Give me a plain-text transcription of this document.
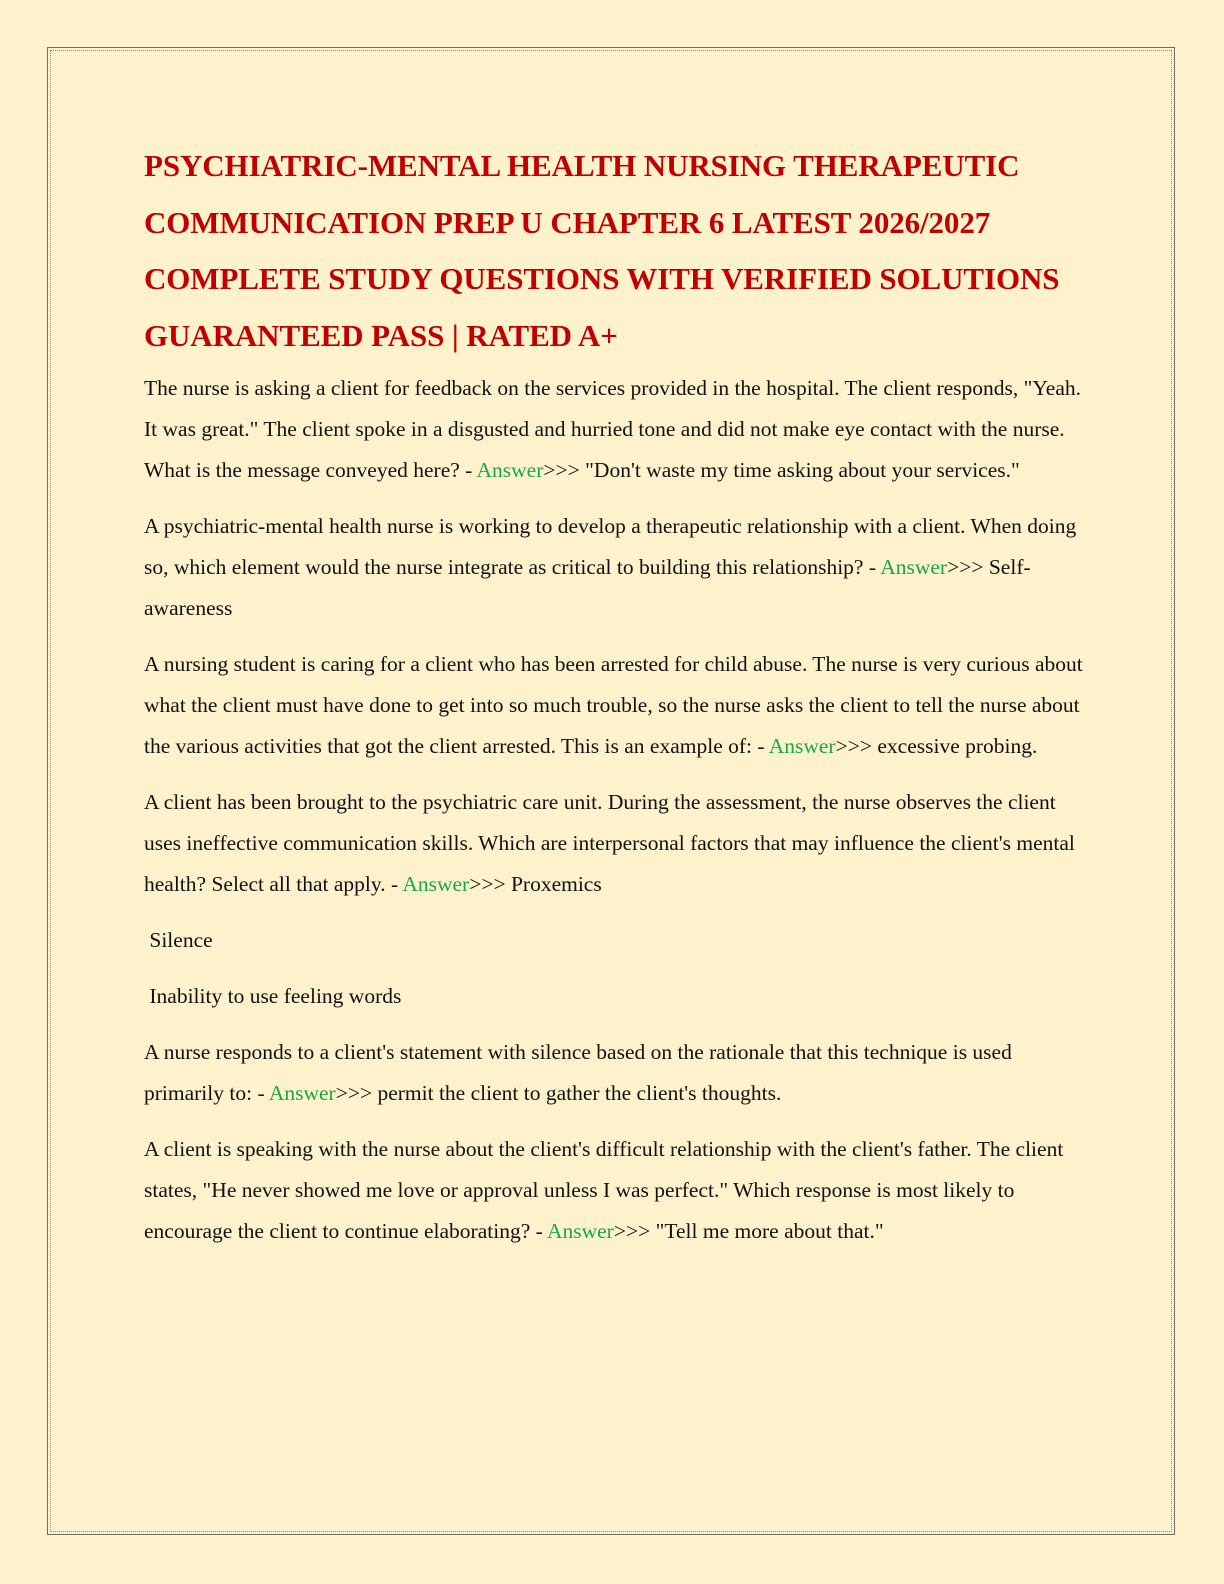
PSYCHIATRIC-MENTAL HEALTH NURSING THERAPEUTIC COMMUNICATION PREP U CHAPTER 6 LATEST 2026/2027 COMPLETE STUDY QUESTIONS WITH VERIFIED SOLUTIONS GUARANTEED PASS | RATED A+

The nurse is asking a client for feedback on the services provided in the hospital. The client responds, "Yeah. It was great." The client spoke in a disgusted and hurried tone and did not make eye contact with the nurse. What is the message conveyed here? - Answer>>> "Don't waste my time asking about your services."

A psychiatric-mental health nurse is working to develop a therapeutic relationship with a client. When doing so, which element would the nurse integrate as critical to building this relationship? - Answer>>> Self-awareness

A nursing student is caring for a client who has been arrested for child abuse. The nurse is very curious about what the client must have done to get into so much trouble, so the nurse asks the client to tell the nurse about the various activities that got the client arrested. This is an example of: - Answer>>> excessive probing.

A client has been brought to the psychiatric care unit. During the assessment, the nurse observes the client uses ineffective communication skills. Which are interpersonal factors that may influence the client's mental health? Select all that apply. - Answer>>> Proxemics

Silence

Inability to use feeling words

A nurse responds to a client's statement with silence based on the rationale that this technique is used primarily to: - Answer>>> permit the client to gather the client's thoughts.

A client is speaking with the nurse about the client's difficult relationship with the client's father. The client states, "He never showed me love or approval unless I was perfect." Which response is most likely to encourage the client to continue elaborating? - Answer>>> "Tell me more about that."
